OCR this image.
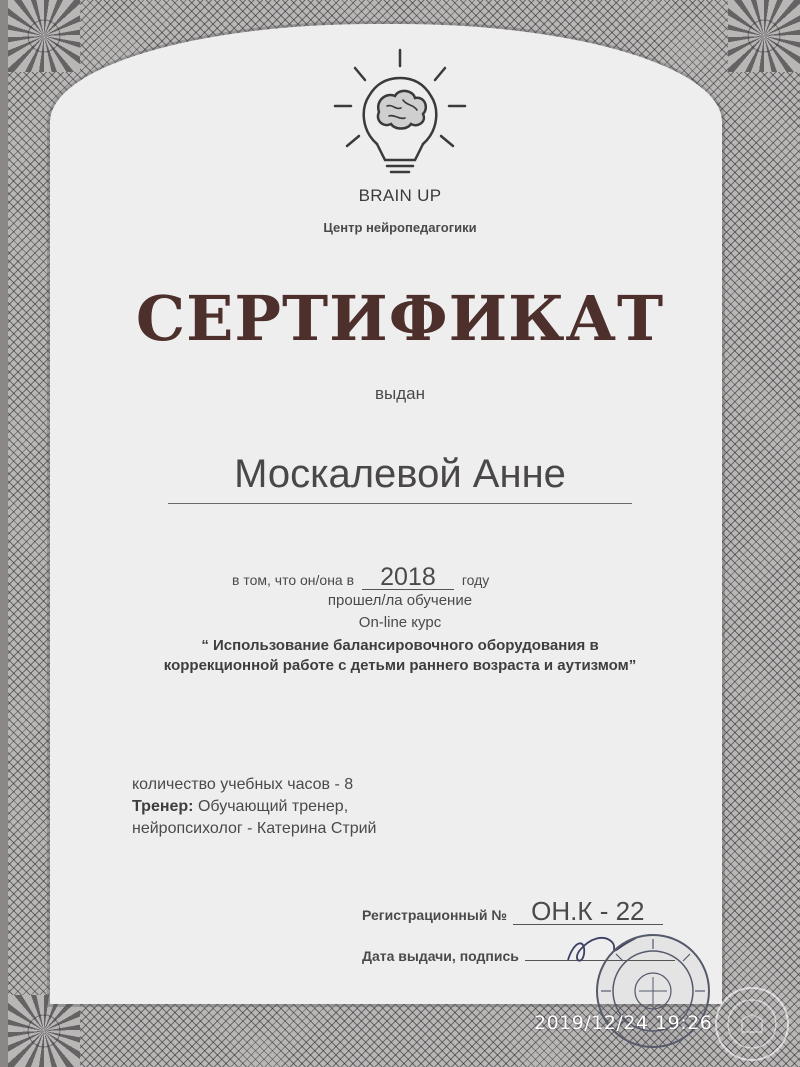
BRAIN UP
Центр нейропедагогики
СЕРТИФИКАТ
выдан
Москалевой Анне
в том, что он/она в 2018 году
прошел/ла обучение
On-line курс
“ Использование балансировочного оборудования в коррекционной работе с детьми раннего возраста и аутизмом”
количество учебных часов - 8
Тренер: Обучающий тренер,
нейропсихолог - Катерина Стрий
Регистрационный № ОН.К - 22
Дата выдачи, подпись
2019/12/24 19:26
